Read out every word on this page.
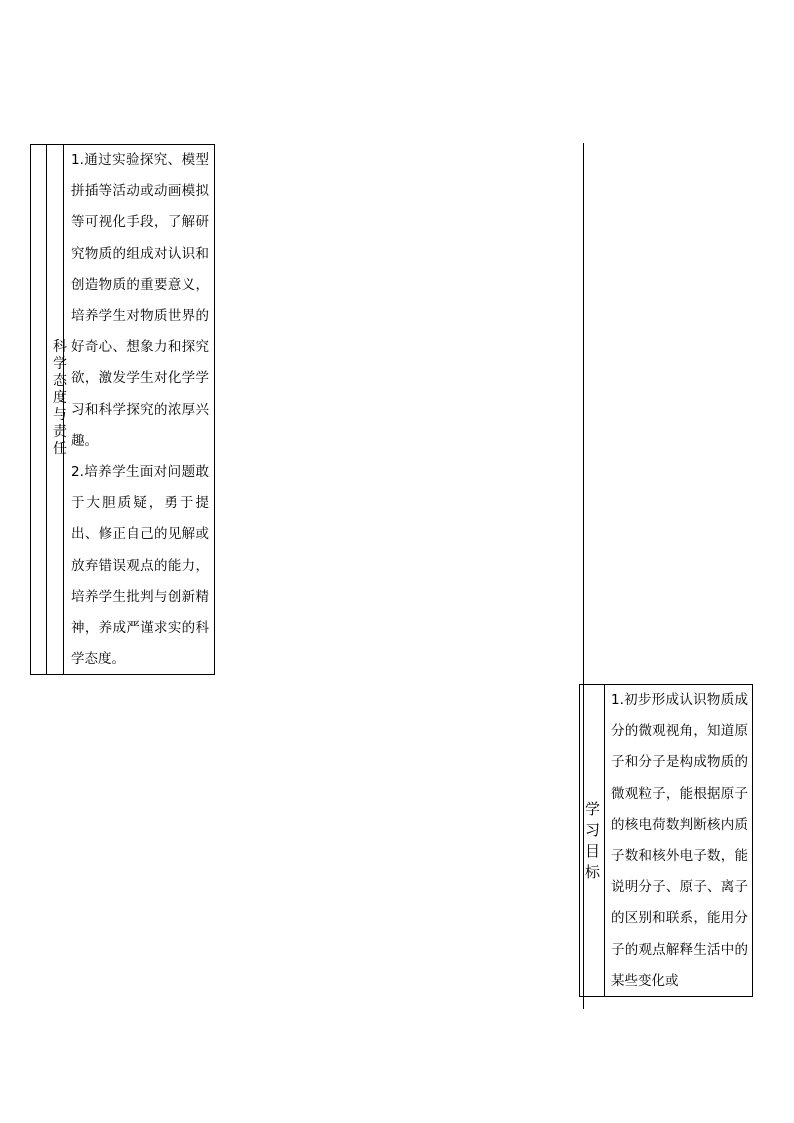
科学态度与责任
1.通过实验探究、模型拼插等活动或动画模拟等可视化手段，了解研究物质的组成对认识和创造物质的重要意义，培养学生对物质世界的好奇心、想象力和探究欲，激发学生对化学学习和科学探究的浓厚兴趣。
2.培养学生面对问题敢于大胆质疑，勇于提出、修正自己的见解或放弃错误观点的能力，培养学生批判与创新精神，养成严谨求实的科学态度。
学习目标
1.初步形成认识物质成分的微观视角，知道原子和分子是构成物质的微观粒子，能根据原子的核电荷数判断核内质子数和核外电子数，能说明分子、原子、离子的区别和联系，能用分子的观点解释生活中的某些变化或
